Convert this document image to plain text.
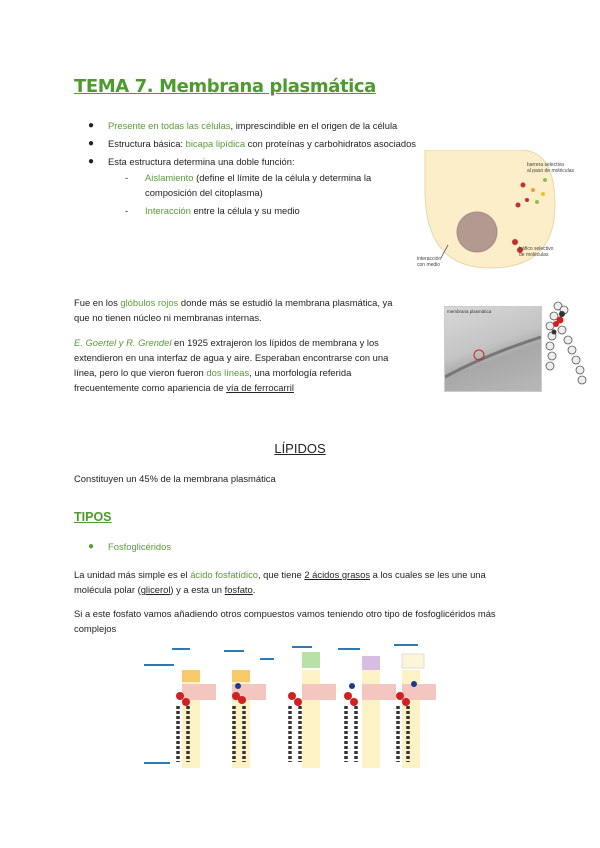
TEMA 7. Membrana plasmática
● Presente en todas las células, imprescindible en el origen de la célula
● Estructura básica: bicapa lipídica con proteínas y carbohidratos asociados
● Esta estructura determina una doble función:
- Aislamiento (define el límite de la célula y determina la
composición del citoplasma)
- Interacción entre la célula y su medio
barrera selectiva
al paso de moléculas
tráfico selectivo
de moléculas
interacción
con medio
Fue en los glóbulos rojos donde más se estudió la membrana plasmática, ya
que no tienen núcleo ni membranas internas.
E. Goertel y R. Grendel en 1925 extrajeron los lípidos de membrana y los
extendieron en una interfaz de agua y aire. Esperaban encontrarse con una
línea, pero lo que vieron fueron dos líneas, una morfología referida
frecuentemente como apariencia de vía de ferrocarril
membrana plasmática
LÍPIDOS
Constituyen un 45% de la membrana plasmática
TIPOS
● Fosfoglicéridos
La unidad más simple es el ácido fosfatídico, que tiene 2 ácidos grasos a los cuales se les une una
molécula polar (glicerol) y a esta un fosfato.
Si a este fosfato vamos añadiendo otros compuestos vamos teniendo otro tipo de fosfoglicéridos más
complejos
